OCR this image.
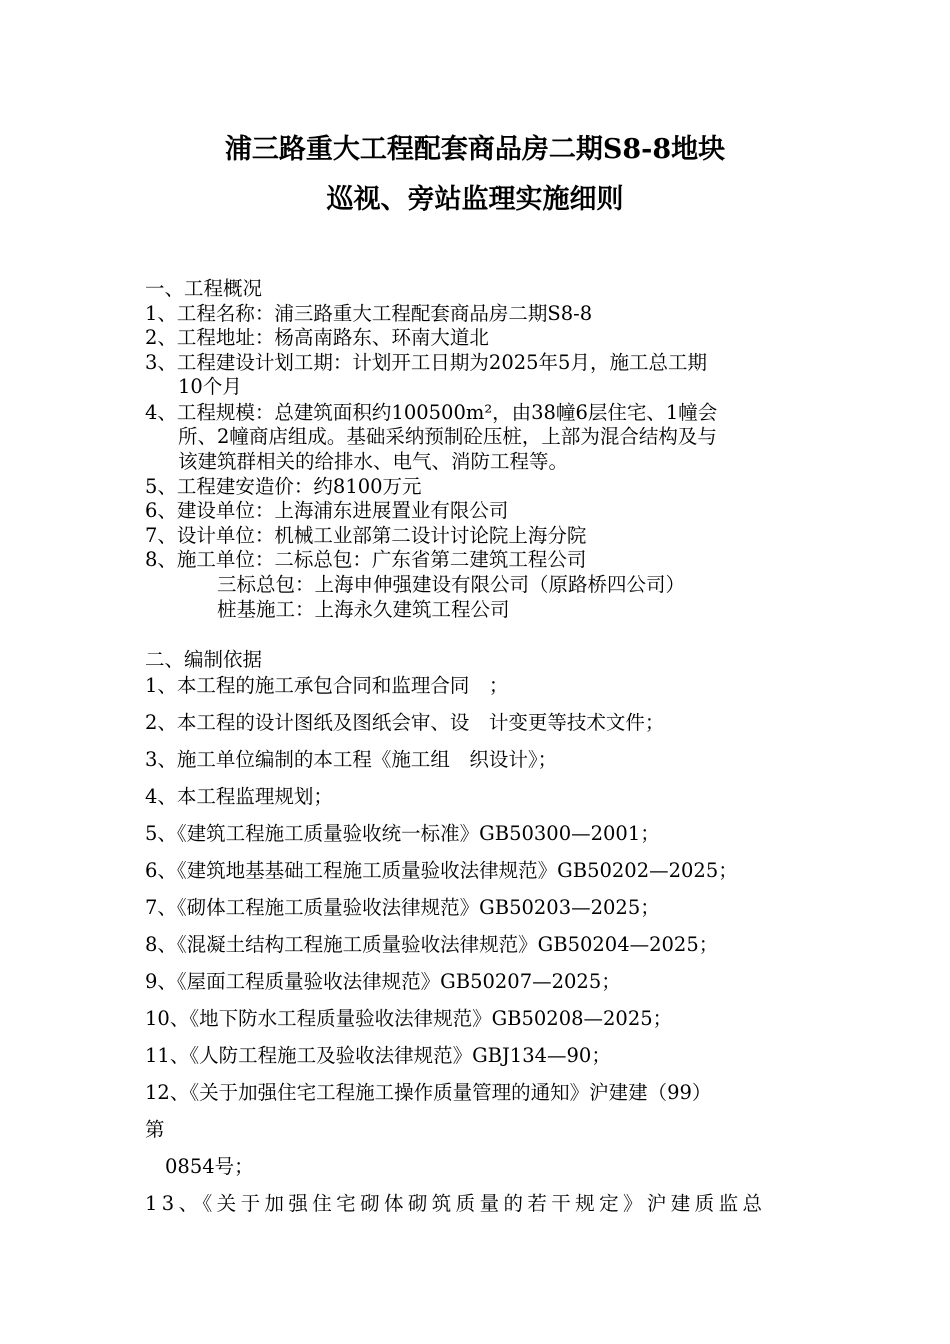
浦三路重大工程配套商品房二期S8-8地块
巡视、旁站监理实施细则
一、工程概况
1、工程名称：浦三路重大工程配套商品房二期S8-8
2、工程地址：杨高南路东、环南大道北
3、工程建设计划工期：计划开工日期为2025年5月，施工总工期
10个月
4、工程规模：总建筑面积约100500m²，由38幢6层住宅、1幢会
所、2幢商店组成。基础采纳预制砼压桩，上部为混合结构及与
该建筑群相关的给排水、电气、消防工程等。
5、工程建安造价：约8100万元
6、建设单位：上海浦东进展置业有限公司
7、设计单位：机械工业部第二设计讨论院上海分院
8、施工单位：二标总包：广东省第二建筑工程公司
三标总包：上海申伸强建设有限公司（原路桥四公司）
桩基施工：上海永久建筑工程公司
二、编制依据
1、本工程的施工承包合同和监理合同　；
2、本工程的设计图纸及图纸会审、设　计变更等技术文件；
3、施工单位编制的本工程《施工组　织设计》；
4、本工程监理规划；
5、《建筑工程施工质量验收统一标准》GB50300—2001；
6、《建筑地基基础工程施工质量验收法律规范》GB50202—2025；
7、《砌体工程施工质量验收法律规范》GB50203—2025；
8、《混凝土结构工程施工质量验收法律规范》GB50204—2025；
9、《屋面工程质量验收法律规范》GB50207—2025；
10、《地下防水工程质量验收法律规范》GB50208—2025；
11、《人防工程施工及验收法律规范》GBJ134—90；
12、《关于加强住宅工程施工操作质量管理的通知》沪建建（99）
第
0854号；
13、《关于加强住宅砌体砌筑质量的若干规定》沪建质监总
